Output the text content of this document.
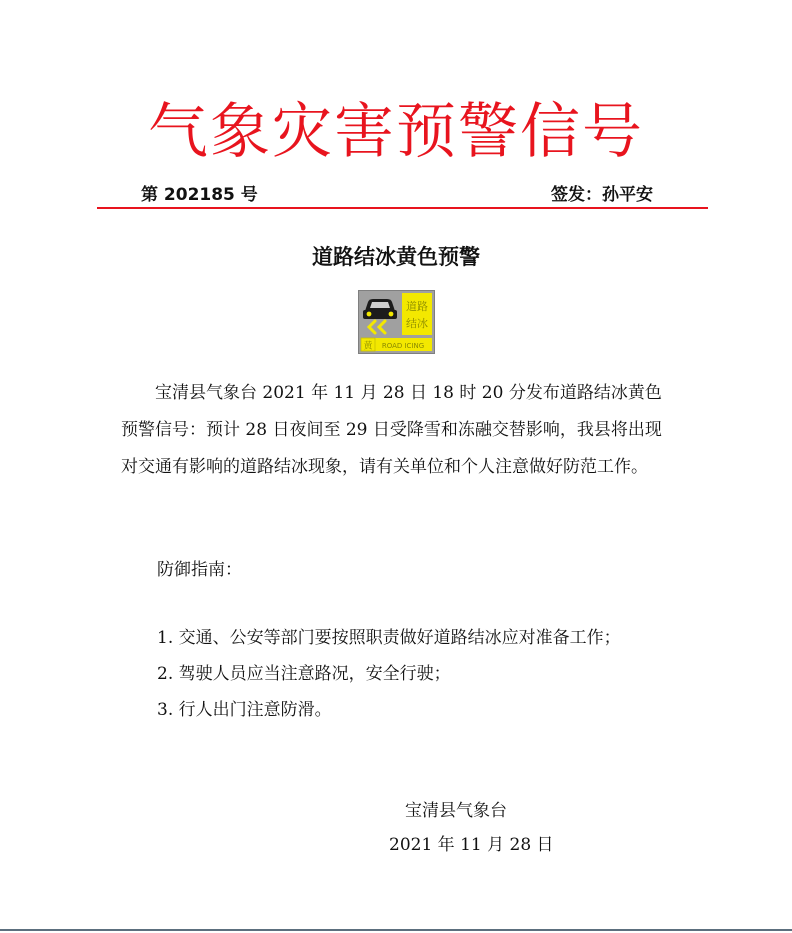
气象灾害预警信号
第 202185 号	签发：孙平安
道路结冰黄色预警
道路结冰
黄 ROAD ICING
宝清县气象台 2021 年 11 月 28 日 18 时 20 分发布道路结冰黄色预警信号：预计 28 日夜间至 29 日受降雪和冻融交替影响，我县将出现对交通有影响的道路结冰现象，请有关单位和个人注意做好防范工作。
防御指南：
1. 交通、公安等部门要按照职责做好道路结冰应对准备工作；
2. 驾驶人员应当注意路况，安全行驶；
3. 行人出门注意防滑。
宝清县气象台
2021 年 11 月 28 日
